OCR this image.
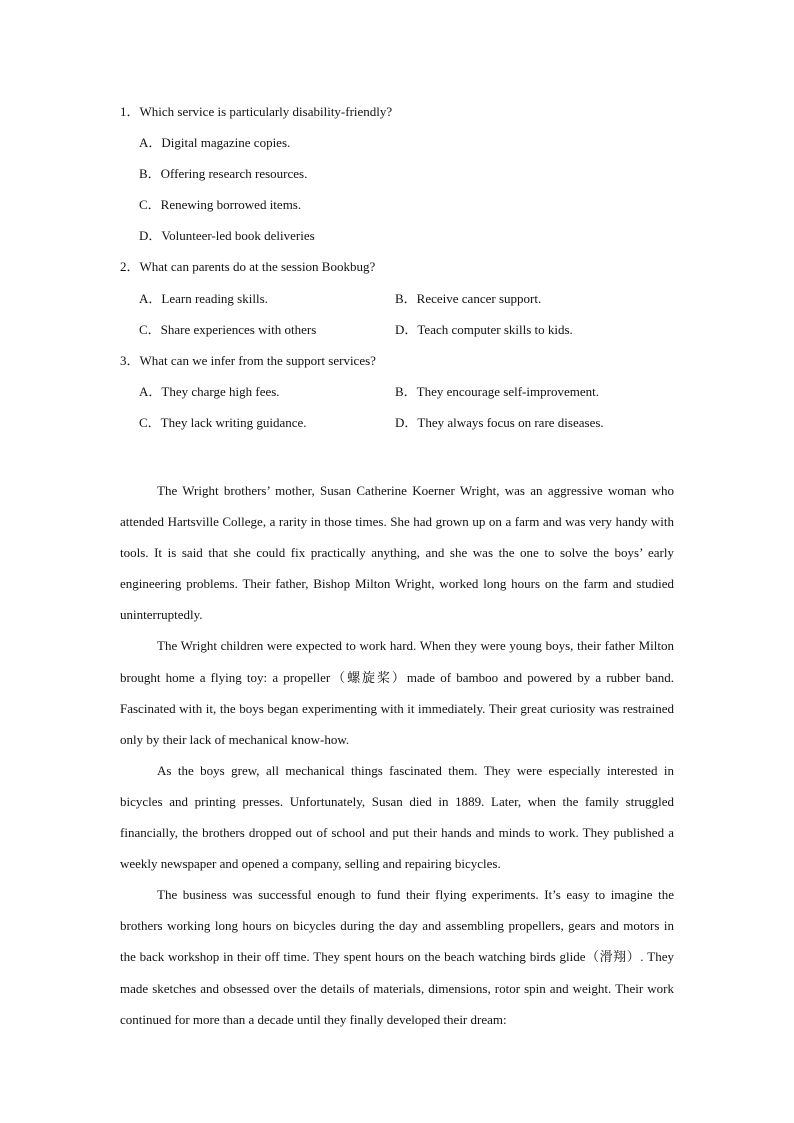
1．Which service is particularly disability-friendly?
A．Digital magazine copies.
B．Offering research resources.
C．Renewing borrowed items.
D．Volunteer-led book deliveries
2．What can parents do at the session Bookbug?
A．Learn reading skills.	B．Receive cancer support.
C．Share experiences with others	D．Teach computer skills to kids.
3．What can we infer from the support services?
A．They charge high fees.	B．They encourage self-improvement.
C．They lack writing guidance.	D．They always focus on rare diseases.

The Wright brothers’ mother, Susan Catherine Koerner Wright, was an aggressive woman who attended Hartsville College, a rarity in those times. She had grown up on a farm and was very handy with tools. It is said that she could fix practically anything, and she was the one to solve the boys’ early engineering problems. Their father, Bishop Milton Wright, worked long hours on the farm and studied uninterruptedly.

The Wright children were expected to work hard. When they were young boys, their father Milton brought home a flying toy: a propeller（螺旋桨）made of bamboo and powered by a rubber band. Fascinated with it, the boys began experimenting with it immediately. Their great curiosity was restrained only by their lack of mechanical know-how.

As the boys grew, all mechanical things fascinated them. They were especially interested in bicycles and printing presses. Unfortunately, Susan died in 1889. Later, when the family struggled financially, the brothers dropped out of school and put their hands and minds to work. They published a weekly newspaper and opened a company, selling and repairing bicycles.

The business was successful enough to fund their flying experiments. It’s easy to imagine the brothers working long hours on bicycles during the day and assembling propellers, gears and motors in the back workshop in their off time. They spent hours on the beach watching birds glide（滑翔）. They made sketches and obsessed over the details of materials, dimensions, rotor spin and weight. Their work continued for more than a decade until they finally developed their dream:
